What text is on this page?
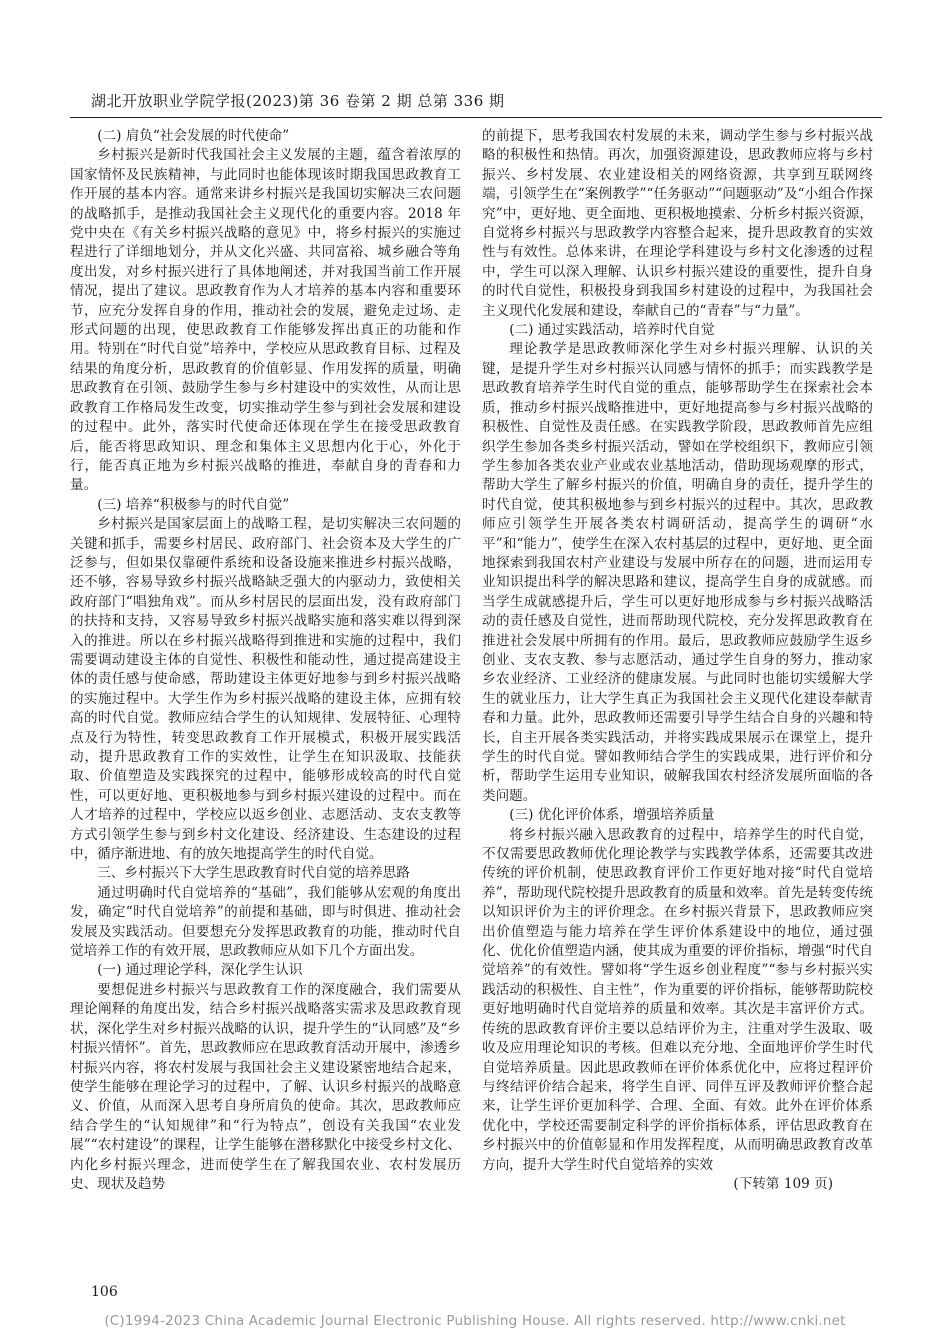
湖北开放职业学院学报(2023)第 36 卷第 2 期 总第 336 期
(二) 肩负“社会发展的时代使命”

乡村振兴是新时代我国社会主义发展的主题，蕴含着浓厚的国家情怀及民族精神，与此同时也能体现该时期我国思政教育工作开展的基本内容。通常来讲乡村振兴是我国切实解决三农问题的战略抓手，是推动我国社会主义现代化的重要内容。2018 年党中央在《有关乡村振兴战略的意见》中，将乡村振兴的实施过程进行了详细地划分，并从文化兴盛、共同富裕、城乡融合等角度出发，对乡村振兴进行了具体地阐述，并对我国当前工作开展情况，提出了建议。思政教育作为人才培养的基本内容和重要环节，应充分发挥自身的作用，推动社会的发展，避免走过场、走形式问题的出现，使思政教育工作能够发挥出真正的功能和作用。特别在“时代自觉”培养中，学校应从思政教育目标、过程及结果的角度分析，思政教育的价值彰显、作用发挥的质量，明确思政教育在引领、鼓励学生参与乡村建设中的实效性，从而让思政教育工作格局发生改变，切实推动学生参与到社会发展和建设的过程中。此外，落实时代使命还体现在学生在接受思政教育后，能否将思政知识、理念和集体主义思想内化于心，外化于行，能否真正地为乡村振兴战略的推进，奉献自身的青春和力量。

(三) 培养“积极参与的时代自觉”

乡村振兴是国家层面上的战略工程，是切实解决三农问题的关键和抓手，需要乡村居民、政府部门、社会资本及大学生的广泛参与，但如果仅靠硬件系统和设备设施来推进乡村振兴战略，还不够，容易导致乡村振兴战略缺乏强大的内驱动力，致使相关政府部门“唱独角戏”。而从乡村居民的层面出发，没有政府部门的扶持和支持，又容易导致乡村振兴战略实施和落实难以得到深入的推进。所以在乡村振兴战略得到推进和实施的过程中，我们需要调动建设主体的自觉性、积极性和能动性，通过提高建设主体的责任感与使命感，帮助建设主体更好地参与到乡村振兴战略的实施过程中。大学生作为乡村振兴战略的建设主体，应拥有较高的时代自觉。教师应结合学生的认知规律、发展特征、心理特点及行为特性，转变思政教育工作开展模式，积极开展实践活动，提升思政教育工作的实效性，让学生在知识汲取、技能获取、价值塑造及实践探究的过程中，能够形成较高的时代自觉性，可以更好地、更积极地参与到乡村振兴建设的过程中。而在人才培养的过程中，学校应以返乡创业、志愿活动、支农支教等方式引领学生参与到乡村文化建设、经济建设、生态建设的过程中，循序渐进地、有的放矢地提高学生的时代自觉。

三、乡村振兴下大学生思政教育时代自觉的培养思路

通过明确时代自觉培养的“基础”，我们能够从宏观的角度出发，确定“时代自觉培养”的前提和基础，即与时俱进、推动社会发展及实践活动。但要想充分发挥思政教育的功能，推动时代自觉培养工作的有效开展，思政教师应从如下几个方面出发。

(一) 通过理论学科，深化学生认识

要想促进乡村振兴与思政教育工作的深度融合，我们需要从理论阐释的角度出发，结合乡村振兴战略落实需求及思政教育现状，深化学生对乡村振兴战略的认识，提升学生的“认同感”及“乡村振兴情怀”。首先，思政教师应在思政教育活动开展中，渗透乡村振兴内容，将农村发展与我国社会主义建设紧密地结合起来，使学生能够在理论学习的过程中，了解、认识乡村振兴的战略意义、价值，从而深入思考自身所肩负的使命。其次，思政教师应结合学生的“认知规律”和“行为特点”，创设有关我国“农业发展”“农村建设”的课程，让学生能够在潜移默化中接受乡村文化、内化乡村振兴理念，进而使学生在了解我国农业、农村发展历史、现状及趋势

的前提下，思考我国农村发展的未来，调动学生参与乡村振兴战略的积极性和热情。再次，加强资源建设，思政教师应将与乡村振兴、乡村发展、农业建设相关的网络资源，共享到互联网终端，引领学生在“案例教学”“任务驱动”“问题驱动”及“小组合作探究”中，更好地、更全面地、更积极地摸索、分析乡村振兴资源，自觉将乡村振兴与思政教学内容整合起来，提升思政教育的实效性与有效性。总体来讲，在理论学科建设与乡村文化渗透的过程中，学生可以深入理解、认识乡村振兴建设的重要性，提升自身的时代自觉性，积极投身到我国乡村建设的过程中，为我国社会主义现代化发展和建设，奉献自己的“青春”与“力量”。

(二) 通过实践活动，培养时代自觉

理论教学是思政教师深化学生对乡村振兴理解、认识的关键，是提升学生对乡村振兴认同感与情怀的抓手；而实践教学是思政教育培养学生时代自觉的重点，能够帮助学生在探索社会本质，推动乡村振兴战略推进中，更好地提高参与乡村振兴战略的积极性、自觉性及责任感。在实践教学阶段，思政教师首先应组织学生参加各类乡村振兴活动，譬如在学校组织下，教师应引领学生参加各类农业产业或农业基地活动，借助现场观摩的形式，帮助大学生了解乡村振兴的价值，明确自身的责任，提升学生的时代自觉，使其积极地参与到乡村振兴的过程中。其次，思政教师应引领学生开展各类农村调研活动，提高学生的调研“水平”和“能力”，使学生在深入农村基层的过程中，更好地、更全面地探索到我国农村产业建设与发展中所存在的问题，进而运用专业知识提出科学的解决思路和建议，提高学生自身的成就感。而当学生成就感提升后，学生可以更好地形成参与乡村振兴战略活动的责任感及自觉性，进而帮助现代院校，充分发挥思政教育在推进社会发展中所拥有的作用。最后，思政教师应鼓励学生返乡创业、支农支教、参与志愿活动，通过学生自身的努力，推动家乡农业经济、工业经济的健康发展。与此同时也能切实缓解大学生的就业压力，让大学生真正为我国社会主义现代化建设奉献青春和力量。此外，思政教师还需要引导学生结合自身的兴趣和特长，自主开展各类实践活动，并将实践成果展示在课堂上，提升学生的时代自觉。譬如教师结合学生的实践成果，进行评价和分析，帮助学生运用专业知识，破解我国农村经济发展所面临的各类问题。

(三) 优化评价体系，增强培养质量

将乡村振兴融入思政教育的过程中，培养学生的时代自觉，不仅需要思政教师优化理论教学与实践教学体系，还需要其改进传统的评价机制，使思政教育评价工作更好地对接“时代自觉培养”，帮助现代院校提升思政教育的质量和效率。首先是转变传统以知识评价为主的评价理念。在乡村振兴背景下，思政教师应突出价值塑造与能力培养在学生评价体系建设中的地位，通过强化、优化价值塑造内涵，使其成为重要的评价指标，增强“时代自觉培养”的有效性。譬如将“学生返乡创业程度”“参与乡村振兴实践活动的积极性、自主性”，作为重要的评价指标，能够帮助院校更好地明确时代自觉培养的质量和效率。其次是丰富评价方式。传统的思政教育评价主要以总结评价为主，注重对学生汲取、吸收及应用理论知识的考核。但难以充分地、全面地评价学生时代自觉培养质量。因此思政教师在评价体系优化中，应将过程评价与终结评价结合起来，将学生自评、同伴互评及教师评价整合起来，让学生评价更加科学、合理、全面、有效。此外在评价体系优化中，学校还需要制定科学的评价指标体系，评估思政教育在乡村振兴中的价值彰显和作用发挥程度，从而明确思政教育改革方向，提升大学生时代自觉培养的实效

(下转第 109 页)

106
(C)1994-2023 China Academic Journal Electronic Publishing House. All rights reserved. http://www.cnki.net
